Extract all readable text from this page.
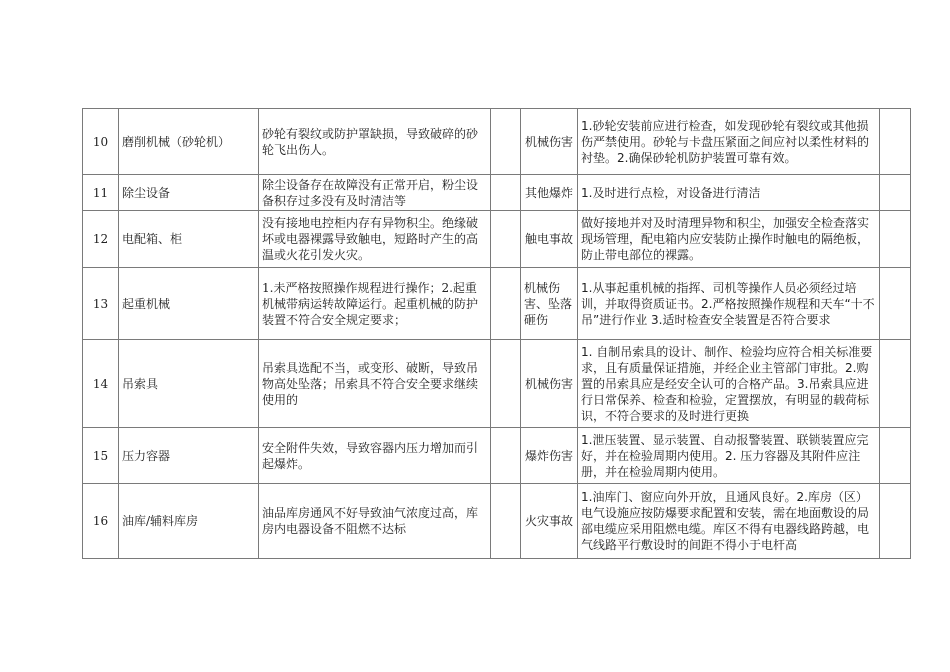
10	磨削机械（砂轮机）	砂轮有裂纹或防护罩缺损，导致破碎的砂轮飞出伤人。		机械伤害	1.砂轮安装前应进行检查，如发现砂轮有裂纹或其他损伤严禁使用。砂轮与卡盘压紧面之间应衬以柔性材料的衬垫。2.确保砂轮机防护装置可靠有效。	
11	除尘设备	除尘设备存在故障没有正常开启，粉尘设备积存过多没有及时清洁等		其他爆炸	1.及时进行点检，对设备进行清洁	
12	电配箱、柜	没有接地电控柜内存有异物积尘。绝缘破坏或电器裸露导致触电，短路时产生的高温或火花引发火灾。		触电事故	做好接地并对及时清理异物和积尘，加强安全检查落实现场管理，配电箱内应安装防止操作时触电的隔绝板，防止带电部位的裸露。	
13	起重机械	1.未严格按照操作规程进行操作；2.起重机械带病运转故障运行。起重机械的防护装置不符合安全规定要求；		机械伤害、坠落砸伤	1.从事起重机械的指挥、司机等操作人员必须经过培训，并取得资质证书。2.严格按照操作规程和天车“十不吊”进行作业 3.适时检查安全装置是否符合要求	
14	吊索具	吊索具选配不当，或变形、破断，导致吊物高处坠落；吊索具不符合安全要求继续使用的		机械伤害	1. 自制吊索具的设计、制作、检验均应符合相关标准要求，且有质量保证措施，并经企业主管部门审批。2.购置的吊索具应是经安全认可的合格产品。3.吊索具应进行日常保养、检查和检验，定置摆放，有明显的载荷标识，不符合要求的及时进行更换	
15	压力容器	安全附件失效，导致容器内压力增加而引起爆炸。		爆炸伤害	1.泄压装置、显示装置、自动报警装置、联锁装置应完好，并在检验周期内使用。2. 压力容器及其附件应注册，并在检验周期内使用。	
16	油库/辅料库房	油品库房通风不好导致油气浓度过高，库房内电器设备不阻燃不达标		火灾事故	1.油库门、窗应向外开放，且通风良好。2.库房（区）电气设施应按防爆要求配置和安装，需在地面敷设的局部电缆应采用阻燃电缆。库区不得有电器线路跨越，电气线路平行敷设时的间距不得小于电杆高	
